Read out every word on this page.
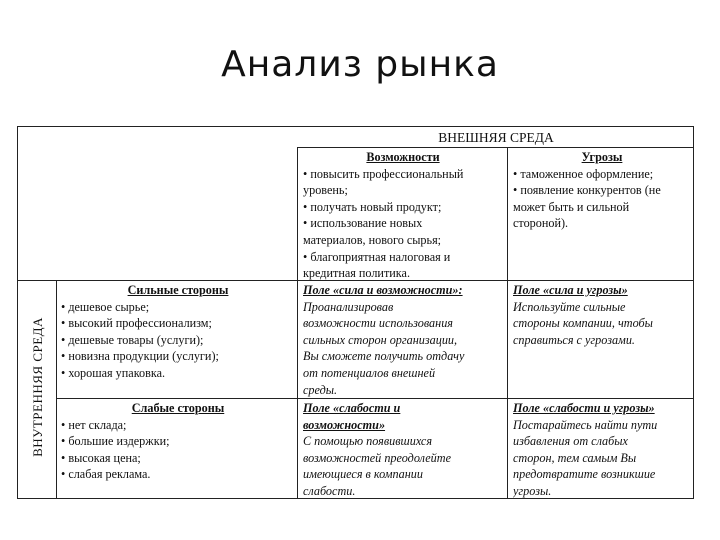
Анализ рынка
ВНЕШНЯЯ СРЕДА
ВНУТРЕННЯЯ СРЕДА
Возможности
• повысить профессиональный
уровень;
• получать новый продукт;
• использование новых
материалов, нового сырья;
• благоприятная налоговая и
кредитная политика.
Угрозы
• таможенное оформление;
• появление конкурентов (не
может быть и сильной
стороной).
Сильные стороны
• дешевое сырье;
• высокий профессионализм;
• дешевые товары (услуги);
• новизна продукции (услуги);
• хорошая упаковка.
Поле «сила и возможности»:
Проанализировав
возможности использования
сильных сторон организации,
Вы сможете получить отдачу
от потенциалов внешней
среды.
Поле «сила и угрозы»
Используйте сильные
стороны компании, чтобы
справиться с угрозами.
Слабые стороны
• нет склада;
• большие издержки;
• высокая цена;
• слабая реклама.
Поле «слабости и
возможности»
С помощью появившихся
возможностей преодолейте
имеющиеся в компании
слабости.
Поле «слабости и угрозы»
Постарайтесь найти пути
избавления от слабых
сторон, тем самым Вы
предотвратите возникшие
угрозы.
